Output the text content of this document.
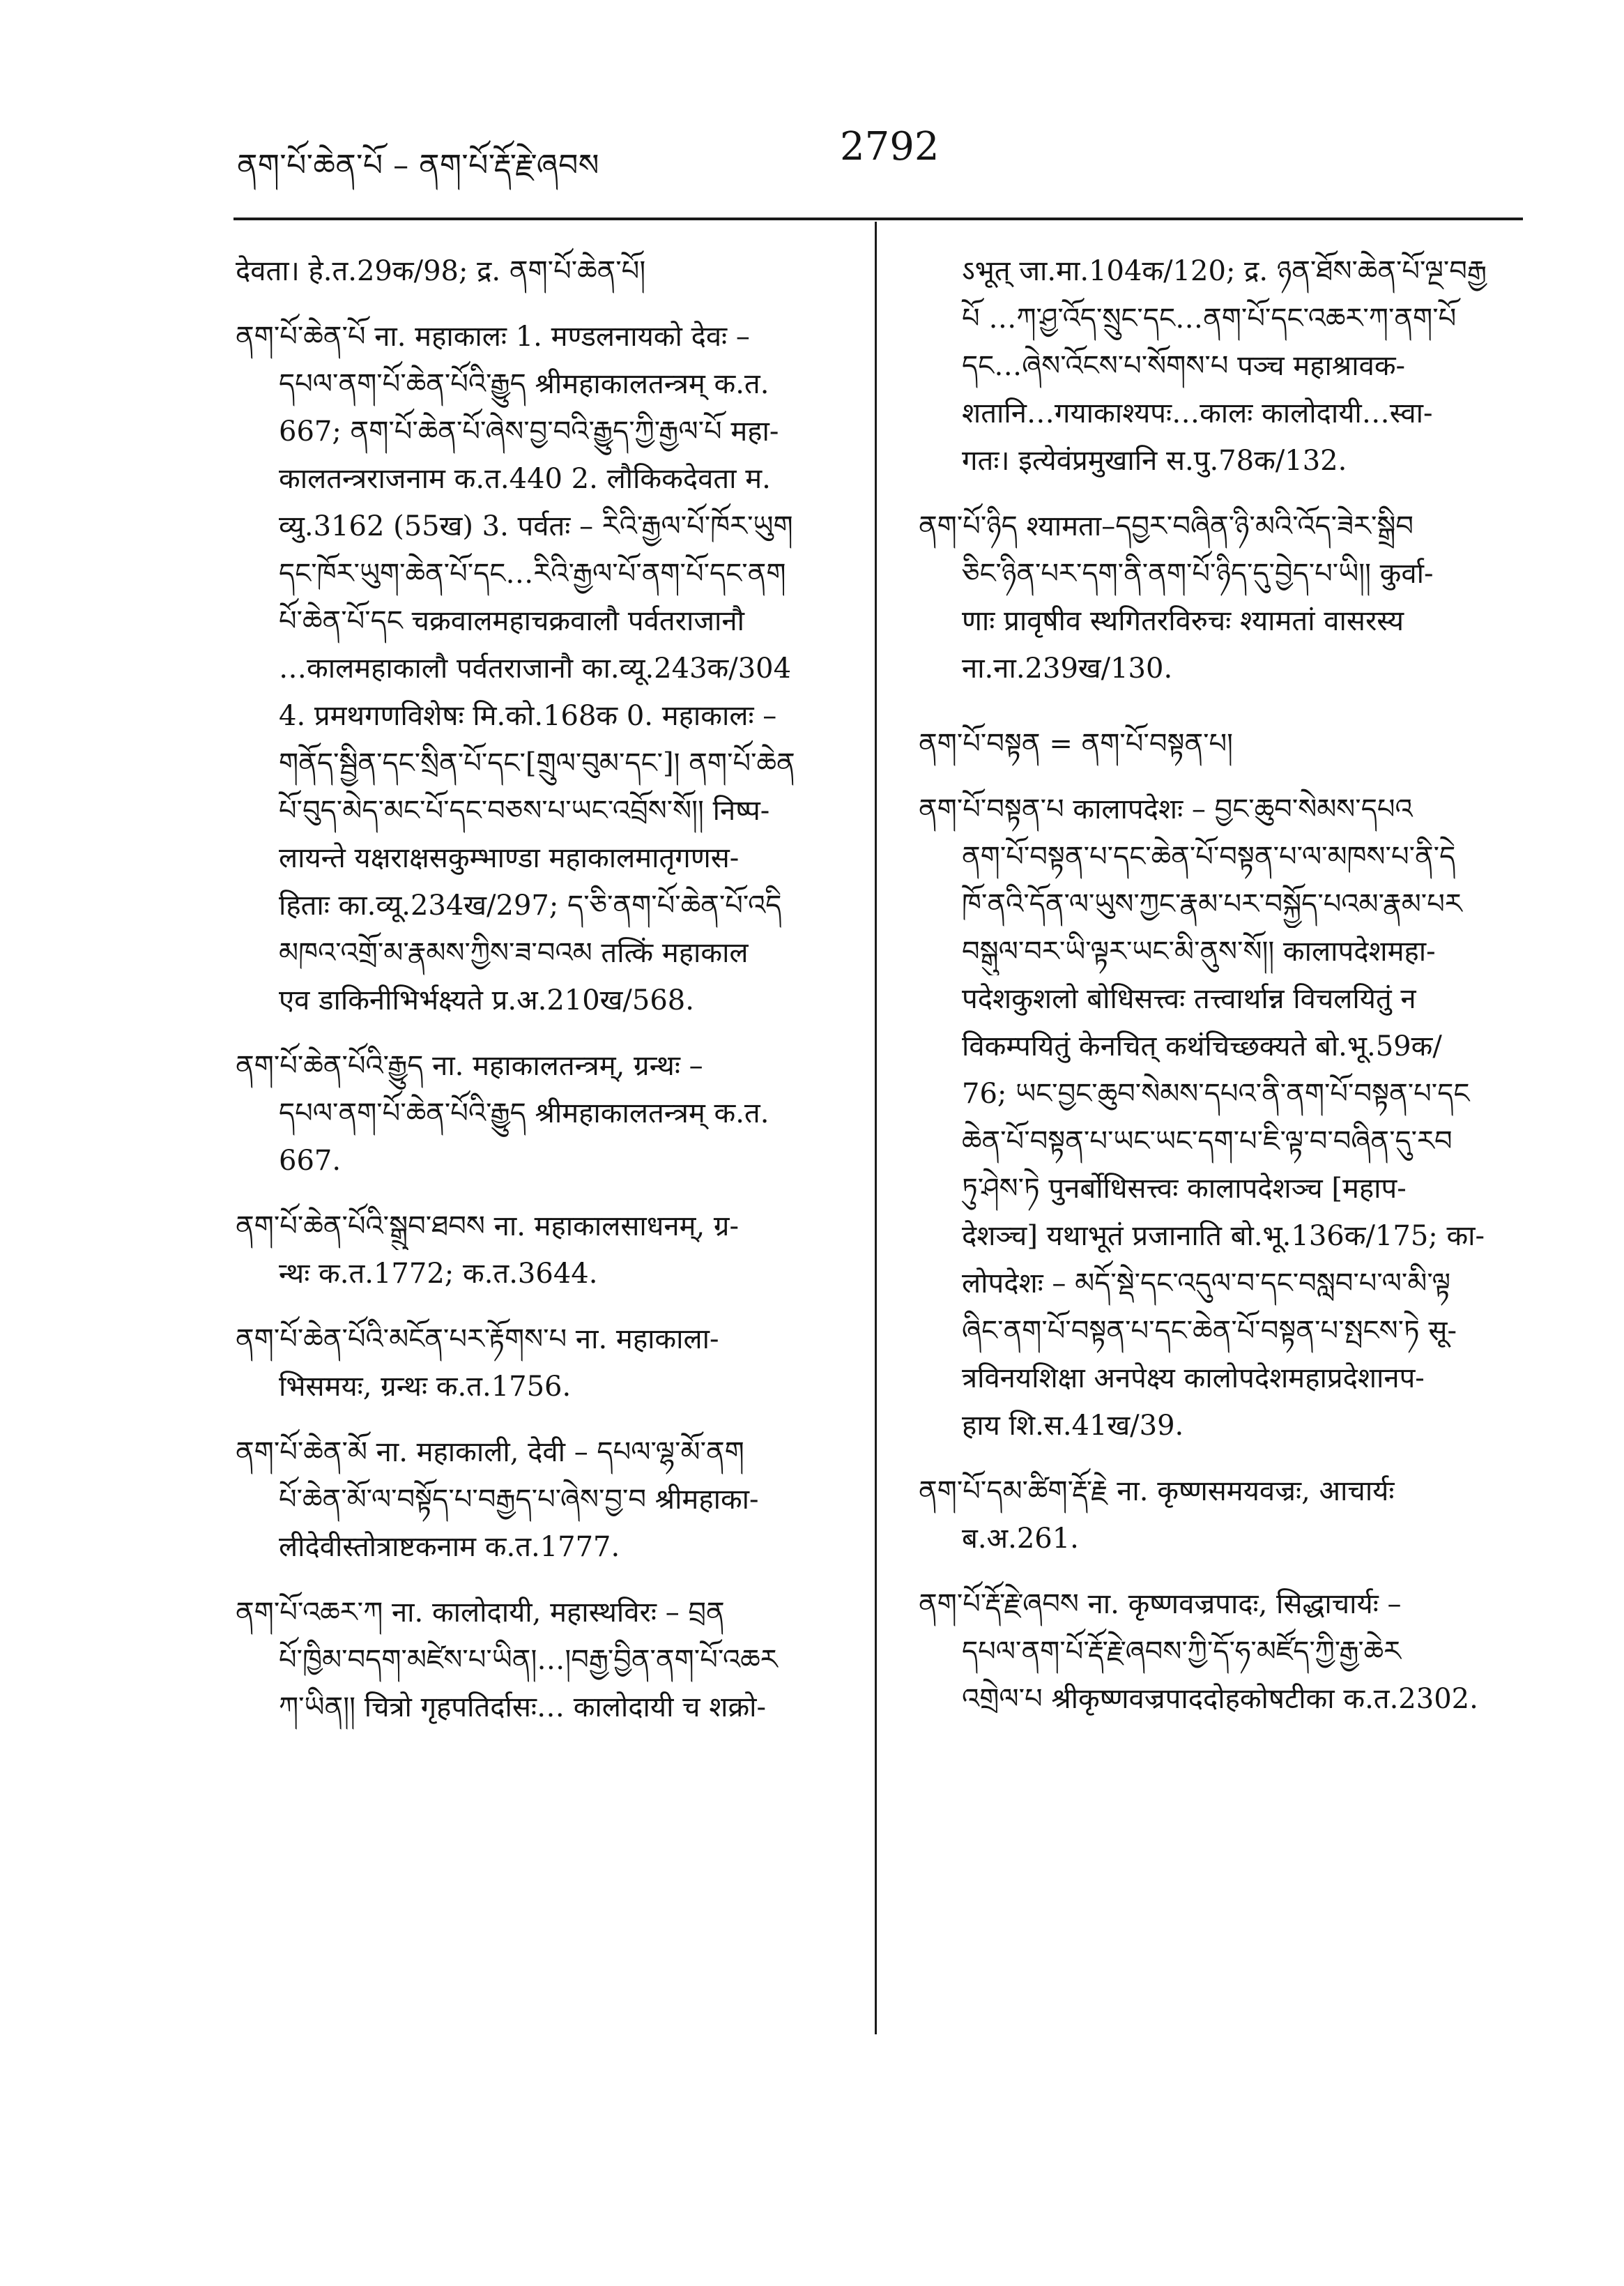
ནག་པོ་ཆེན་པོ – ནག་པོ་རྡོ་རྗེ་ཞབས	2792
देवता। हे.त.29क/98; द्र. ནག་པོ་ཆེན་པོ།
ནག་པོ་ཆེན་པོ ना. महाकालः 1. मण्डलनायको देवः –
དཔལ་ནག་པོ་ཆེན་པོའི་རྒྱུད श्रीमहाकालतन्त्रम् क.त.
667; ནག་པོ་ཆེན་པོ་ཞེས་བྱ་བའི་རྒྱུད་ཀྱི་རྒྱལ་པོ महा-
कालतन्त्रराजनाम क.त.440 2. लौकिकदेवता म.
व्यु.3162 (55ख) 3. पर्वतः – རིའི་རྒྱལ་པོ་ཁོར་ཡུག
དང་ཁོར་ཡུག་ཆེན་པོ་དང…རིའི་རྒྱལ་པོ་ནག་པོ་དང་ནག
པོ་ཆེན་པོ་དང चक्रवालमहाचक्रवालौ पर्वतराजानौ
…कालमहाकालौ पर्वतराजानौ का.व्यू.243क/304
4. प्रमथगणविशेषः मि.को.168क 0. महाकालः –
གནོད་སྦྱིན་དང་སྲིན་པོ་དང་[གྲུལ་བུམ་དང་]། ནག་པོ་ཆེན
པོ་བུད་མེད་མང་པོ་དང་བཅས་པ་ཡང་འབྲོས་སོ།། निष्प-
लायन्ते यक्षराक्षसकुम्भाण्डा महाकालमातृगणस-
हिताः का.व्यू.234ख/297; ད་ཅི་ནག་པོ་ཆེན་པོ་འདི
མཁའ་འགྲོ་མ་རྣམས་ཀྱིས་ཟ་བའམ तत्किं महाकाल
एव डाकिनीभिर्भक्ष्यते प्र.अ.210ख/568.
ནག་པོ་ཆེན་པོའི་རྒྱུད ना. महाकालतन्त्रम्, ग्रन्थः –
དཔལ་ནག་པོ་ཆེན་པོའི་རྒྱུད श्रीमहाकालतन्त्रम् क.त.
667.
ནག་པོ་ཆེན་པོའི་སྒྲུབ་ཐབས ना. महाकालसाधनम्, ग्र-
न्थः क.त.1772; क.त.3644.
ནག་པོ་ཆེན་པོའི་མངོན་པར་རྟོགས་པ ना. महाकाला-
भिसमयः, ग्रन्थः क.त.1756.
ནག་པོ་ཆེན་མོ ना. महाकाली, देवी – དཔལ་ལྷ་མོ་ནག
པོ་ཆེན་མོ་ལ་བསྟོད་པ་བརྒྱད་པ་ཞེས་བྱ་བ श्रीमहाका-
लीदेवीस्तोत्राष्टकनाम क.त.1777.
ནག་པོ་འཆར་ཀ ना. कालोदायी, महास्थविरः – བྲན
པོ་ཁྱིམ་བདག་མཛེས་པ་ཡིན།…།བརྒྱ་བྱིན་ནག་པོ་འཆར
ཀ་ཡིན།། चित्रो गृहपतिर्दासः… कालोदायी च शक्रो-
ऽभूत् जा.मा.104क/120; द्र. ཉན་ཐོས་ཆེན་པོ་ལྔ་བརྒྱ
པོ …ཀ་ཤྱ་འོད་སྲུང་དང…ནག་པོ་དང་འཆར་ཀ་ནག་པོ
དང…ཞེས་འོངས་པ་སོགས་པ पञ्च महाश्रावक-
शतानि…गयाकाश्यपः…कालः कालोदायी…स्वा-
गतः। इत्येवंप्रमुखानि स.पु.78क/132.
ནག་པོ་ཉིད श्यामता–དབྱར་བཞིན་ཉི་མའི་འོད་ཟེར་སྒྲིབ
ཅིང་ཉིན་པར་དག་ནི་ནག་པོ་ཉིད་དུ་བྱེད་པ་ཡི།། कुर्वा-
णाः प्रावृषीव स्थगितरविरुचः श्यामतां वासरस्य
ना.ना.239ख/130.
ནག་པོ་བསྟན = ནག་པོ་བསྟན་པ།
ནག་པོ་བསྟན་པ कालापदेशः – བྱང་ཆུབ་སེམས་དཔའ
ནག་པོ་བསྟན་པ་དང་ཆེན་པོ་བསྟན་པ་ལ་མཁས་པ་ནི་དེ
ཁོ་ནའི་དོན་ལ་ཡུས་ཀྱང་རྣམ་པར་བསྐྱོད་པའམ་རྣམ་པར
བསྒུལ་བར་ཡི་ལྟར་ཡང་མི་ནུས་སོ།། कालापदेशमहा-
पदेशकुशलो बोधिसत्त्वः तत्त्वार्थान्न विचलयितुं न
विकम्पयितुं केनचित् कथंचिच्छक्यते बो.भू.59क/
76; ཡང་བྱང་ཆུབ་སེམས་དཔའ་ནི་ནག་པོ་བསྟན་པ་དང
ཆེན་པོ་བསྟན་པ་ཡང་ཡང་དག་པ་ཇི་ལྟ་བ་བཞིན་དུ་རབ
ཏུ་ཤེས་ཏེ पुनर्बोधिसत्त्वः कालापदेशञ्च [महाप-
देशञ्च] यथाभूतं प्रजानाति बो.भू.136क/175; का-
लोपदेशः – མདོ་སྡེ་དང་འདུལ་བ་དང་བསླབ་པ་ལ་མི་ལྟ
ཞིང་ནག་པོ་བསྟན་པ་དང་ཆེན་པོ་བསྟན་པ་སྤངས་ཏེ सू-
त्रविनयशिक्षा अनपेक्ष्य कालोपदेशमहाप्रदेशानप-
हाय शि.स.41ख/39.
ནག་པོ་དམ་ཚིག་རྡོ་རྗེ ना. कृष्णसमयवज्रः, आचार्यः
ब.अ.261.
ནག་པོ་རྡོ་རྗེ་ཞབས ना. कृष्णवज्रपादः, सिद्धाचार्यः –
དཔལ་ནག་པོ་རྡོ་རྗེ་ཞབས་ཀྱི་དོ་ཧ་མཛོད་ཀྱི་རྒྱ་ཆེར
འགྲེལ་པ श्रीकृष्णवज्रपाददोहकोषटीका क.त.2302.
